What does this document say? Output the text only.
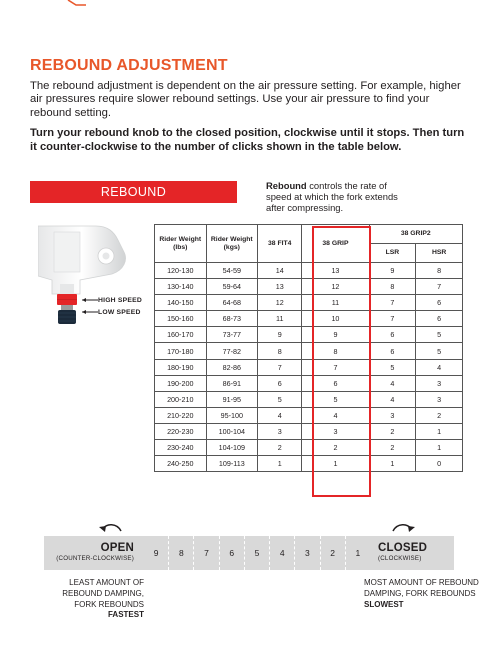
REBOUND ADJUSTMENT

The rebound adjustment is dependent on the air pressure setting. For example, higher air pressures require slower rebound settings. Use your air pressure to find your rebound setting.

Turn your rebound knob to the closed position, clockwise until it stops. Then turn it counter-clockwise to the number of clicks shown in the table below.

REBOUND	Rebound controls the rate of speed at which the fork extends after compressing.

HIGH SPEED
LOW SPEED
Rider Weight (lbs)	Rider Weight (kgs)	38 FIT4	38 GRIP	38 GRIP2	
				LSR	HSR
120-130	54-59	14	13	9	8
130-140	59-64	13	12	8	7
140-150	64-68	12	11	7	6
150-160	68-73	11	10	7	6
160-170	73-77	9	9	6	5
170-180	77-82	8	8	6	5
180-190	82-86	7	7	5	4
190-200	86-91	6	6	4	3
200-210	91-95	5	5	4	3
210-220	95-100	4	4	3	2
220-230	100-104	3	3	2	1
230-240	104-109	2	2	2	1
240-250	109-113	1	1	1	0
OPEN
(COUNTER-CLOCKWISE)
9	8	7	6	5	4	3	2	1	CLOSED
(CLOCKWISE)

LEAST AMOUNT OF REBOUND DAMPING, FORK REBOUNDS
FASTEST

MOST AMOUNT OF REBOUND DAMPING, FORK REBOUNDS
SLOWEST
